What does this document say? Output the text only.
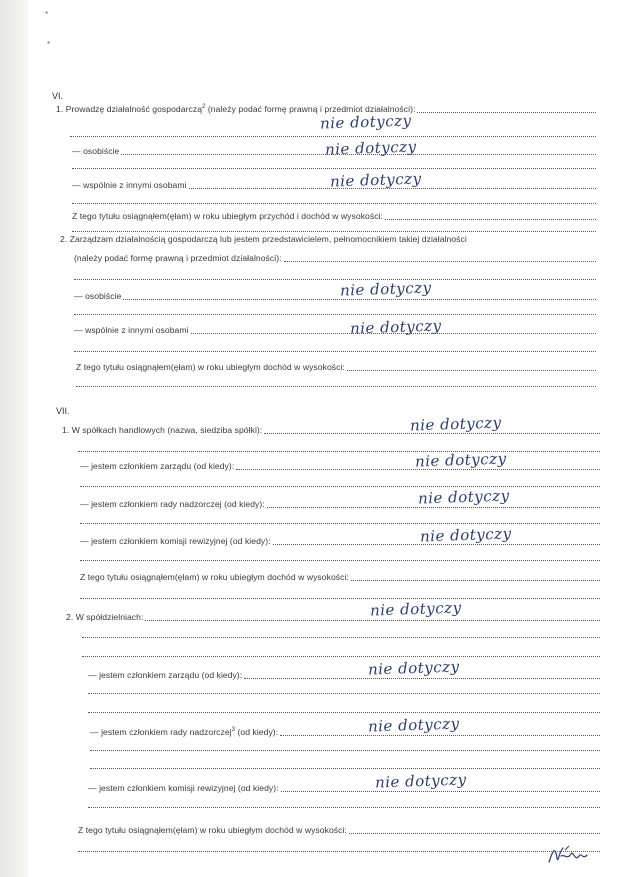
*
*
VI.
1. Prowadzę działalność gospodarczą$^2$ (należy podać formę prawną i przedmiot działalności):
nie dotyczy
— osobiście	nie dotyczy
— wspólnie z innymi osobami	nie dotyczy
Z tego tytułu osiągnąłem(ęłam) w roku ubiegłym przychód i dochód w wysokości:
2. Zarządzam działalnością gospodarczą lub jestem przedstawicielem, pełnomocnikiem takiej działalności
(należy podać formę prawną i przedmiot działalności):
— osobiście	nie dotyczy
— wspólnie z innymi osobami	nie dotyczy
Z tego tytułu osiągnąłem(ęłam) w roku ubiegłym dochód w wysokości:
VII.
1. W spółkach handlowych (nazwa, siedziba spółki):	nie dotyczy
— jestem członkiem zarządu (od kiedy):	nie dotyczy
— jestem członkiem rady nadzorczej (od kiedy):	nie dotyczy
— jestem członkiem komisji rewizyjnej (od kiedy):	nie dotyczy
Z tego tytułu osiągnąłem(ęłam) w roku ubiegłym dochód w wysokości:
2. W spółdzielniach:	nie dotyczy
— jestem członkiem zarządu (od kiedy):	nie dotyczy
— jestem członkiem rady nadzorczej$^3$ (od kiedy):	nie dotyczy
— jestem członkiem komisji rewizyjnej (od kiedy):	nie dotyczy
Z tego tytułu osiągnąłem(ęłam) w roku ubiegłym dochód w wysokości:
